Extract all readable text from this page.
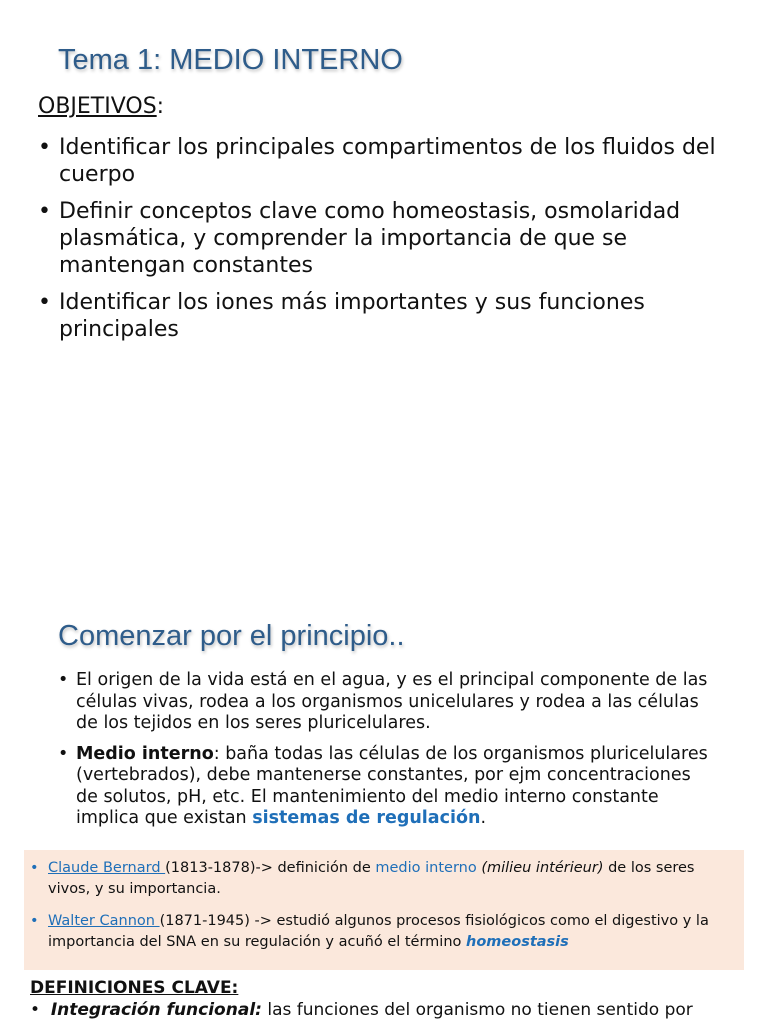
Tema 1: MEDIO INTERNO

OBJETIVOS:

• Identificar los principales compartimentos de los fluidos del cuerpo
• Definir conceptos clave como homeostasis, osmolaridad plasmática, y comprender la importancia de que se mantengan constantes
• Identificar los iones más importantes y sus funciones principales
Comenzar por el principio..
• El origen de la vida está en el agua, y es el principal componente de las células vivas, rodea a los organismos unicelulares y rodea a las células de los tejidos en los seres pluricelulares.
• Medio interno: baña todas las células de los organismos pluricelulares (vertebrados), debe mantenerse constantes, por ejm concentraciones de solutos, pH, etc. El mantenimiento del medio interno constante implica que existan sistemas de regulación.
• Claude Bernard (1813-1878)-> definición de medio interno (milieu intérieur) de los seres vivos, y su importancia.
• Walter Cannon (1871-1945) -> estudió algunos procesos fisiológicos como el digestivo y la importancia del SNA en su regulación y acuñó el término homeostasis

DEFINICIONES CLAVE:

• Integración funcional: las funciones del organismo no tienen sentido por
